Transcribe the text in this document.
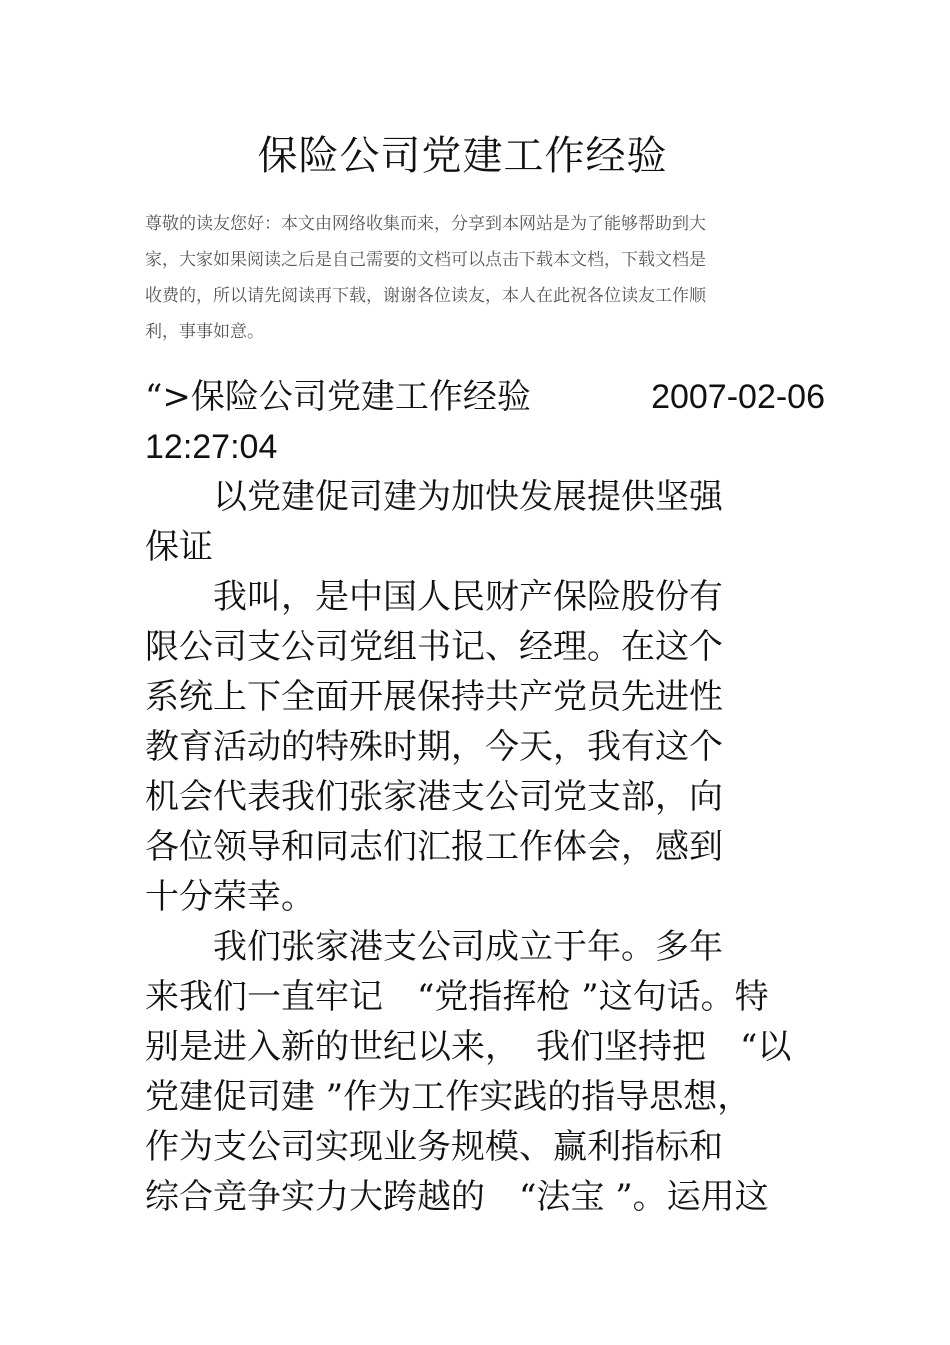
保险公司党建工作经验
尊敬的读友您好：本文由网络收集而来，分享到本网站是为了能够帮助到大
家，大家如果阅读之后是自己需要的文档可以点击下载本文档，下载文档是
收费的，所以请先阅读再下载，谢谢各位读友，本人在此祝各位读友工作顺
利，事事如意。
“>保险公司党建工作经验	2007-02-06
12:27:04
　　以党建促司建为加快发展提供坚强
保证
　　我叫，是中国人民财产保险股份有
限公司支公司党组书记、经理。在这个
系统上下全面开展保持共产党员先进性
教育活动的特殊时期，今天，我有这个
机会代表我们张家港支公司党支部，向
各位领导和同志们汇报工作体会，感到
十分荣幸。
　　我们张家港支公司成立于年。多年
来我们一直牢记　“党指挥枪 ”这句话。特
别是进入新的世纪以来，　我们坚持把　“以
党建促司建 ”作为工作实践的指导思想，
作为支公司实现业务规模、赢利指标和
综合竞争实力大跨越的　“法宝 ”。运用这
